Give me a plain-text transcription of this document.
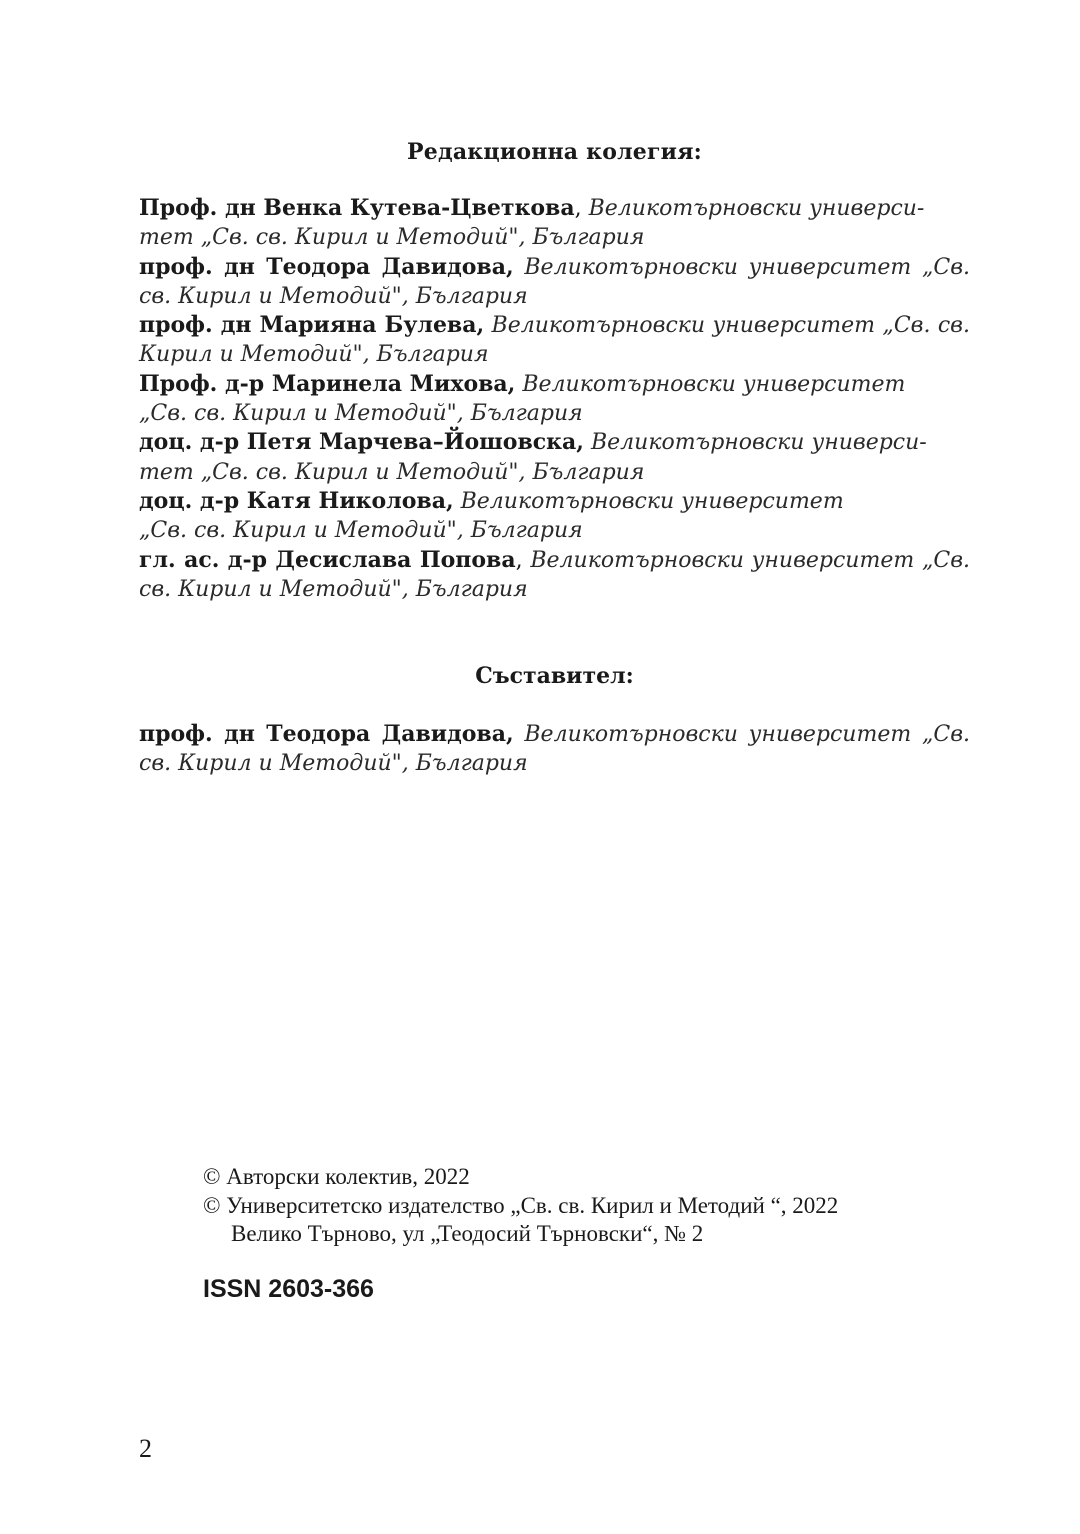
Редакционна колегия:

Проф. дн Венка Кутева-Цветкова, Великотърновски универси-
тет „Св. св. Кирил и Методий", България

проф. дн Теодора Давидова, Великотърновски университет „Св. св. Кирил и Методий", България

проф. дн Марияна Булева, Великотърновски университет „Св. св. Кирил и Методий", България

Проф. д-р Маринела Михова, Великотърновски университет
„Св. св. Кирил и Методий", България

доц. д-р Петя Марчева–Йошовска, Великотърновски универси-
тет „Св. св. Кирил и Методий", България

доц. д-р Катя Николова, Великотърновски университет
„Св. св. Кирил и Методий", България

гл. ас. д-р Десислава Попова, Великотърновски университет „Св. св. Кирил и Методий", България

Съставител:

проф. дн Теодора Давидова, Великотърновски университет „Св. св. Кирил и Методий", България

© Авторски колектив, 2022
© Университетско издателство „Св. св. Кирил и Методий “, 2022
Велико Търново, ул „Теодосий Търновски“, № 2
ISSN 2603-366
2
